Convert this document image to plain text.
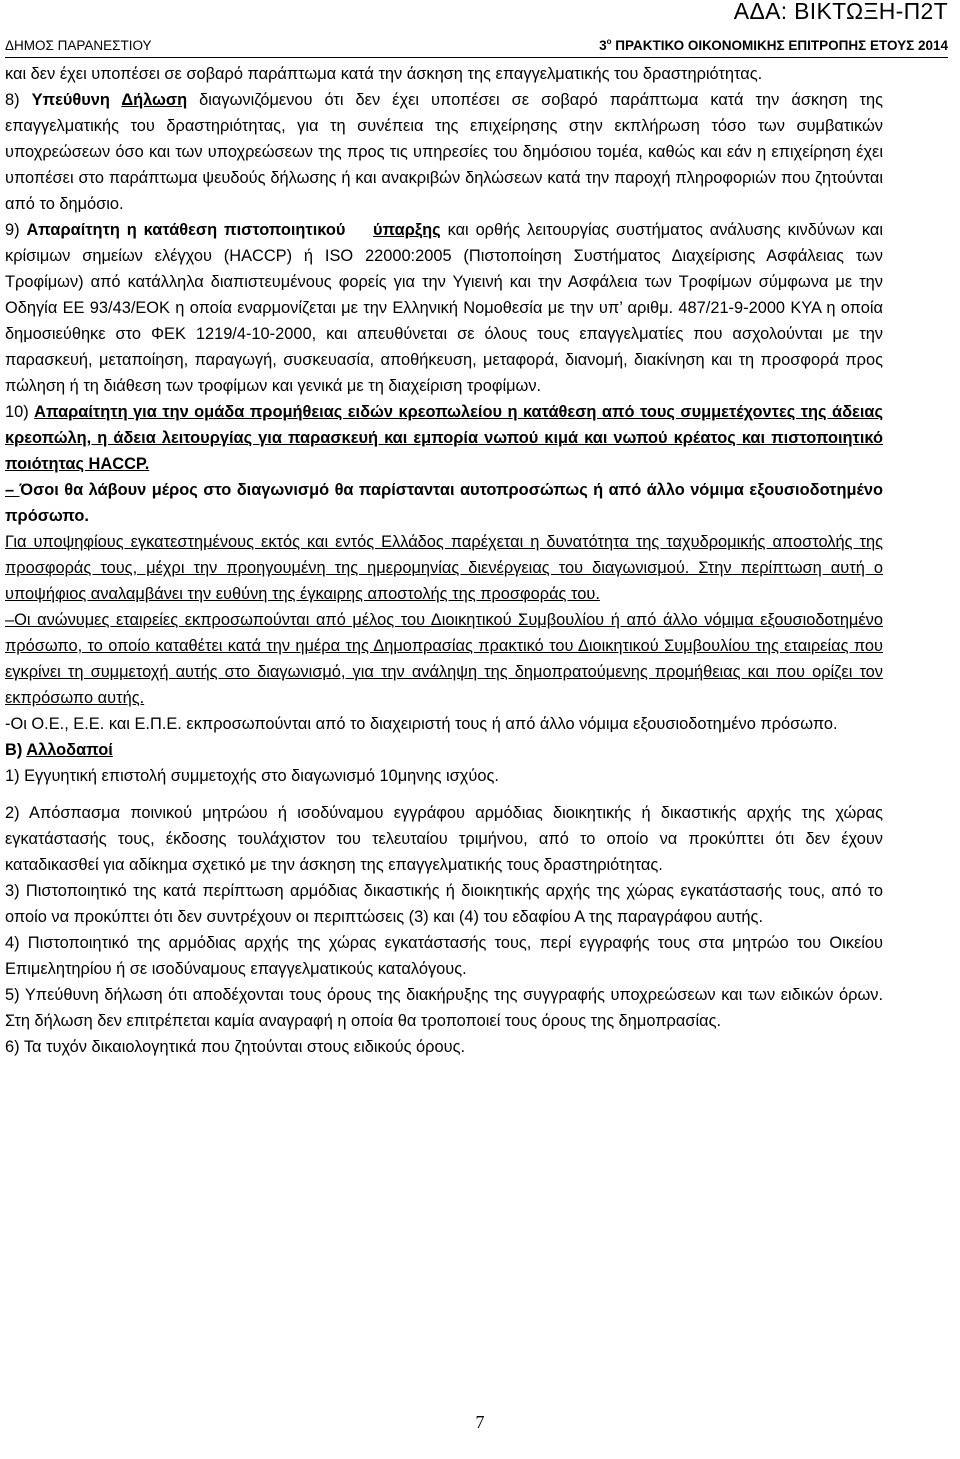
ΑΔΑ: ΒΙΚΤΩΞΗ-Π2Τ
ΔΗΜΟΣ ΠΑΡΑΝΕΣΤΙΟΥ	$3^o$ ΠΡΑΚΤΙΚΟ ΟΙΚΟΝΟΜΙΚΗΣ ΕΠΙΤΡΟΠΗΣ ΕΤΟΥΣ 2014

και δεν έχει υποπέσει σε σοβαρό παράπτωμα κατά την άσκηση της επαγγελματικής του δραστηριότητας.

8) Υπεύθυνη Δήλωση διαγωνιζόμενου ότι δεν έχει υποπέσει σε σοβαρό παράπτωμα κατά την άσκηση της επαγγελματικής του δραστηριότητας, για τη συνέπεια της επιχείρησης στην εκπλήρωση τόσο των συμβατικών υποχρεώσεων όσο και των υποχρεώσεων της προς τις υπηρεσίες του δημόσιου τομέα, καθώς και εάν η επιχείρηση έχει υποπέσει στο παράπτωμα ψευδούς δήλωσης ή και ανακριβών δηλώσεων κατά την παροχή πληροφοριών που ζητούνται από το δημόσιο.

9) Απαραίτητη η κατάθεση πιστοποιητικού ύπαρξης και ορθής λειτουργίας συστήματος ανάλυσης κινδύνων και κρίσιμων σημείων ελέγχου (HACCP) ή ISO 22000:2005 (Πιστοποίηση Συστήματος Διαχείρισης Ασφάλειας των Τροφίμων) από κατάλληλα διαπιστευμένους φορείς για την Υγιεινή και την Ασφάλεια των Τροφίμων σύμφωνα με την Οδηγία ΕΕ 93/43/ΕΟΚ η οποία εναρμονίζεται με την Ελληνική Νομοθεσία με την υπ’ αριθμ. 487/21-9-2000 ΚΥΑ η οποία δημοσιεύθηκε στο ΦΕΚ 1219/4-10-2000, και απευθύνεται σε όλους τους επαγγελματίες που ασχολούνται με την παρασκευή, μεταποίηση, παραγωγή, συσκευασία, αποθήκευση, μεταφορά, διανομή, διακίνηση και τη προσφορά προς πώληση ή τη διάθεση των τροφίμων και γενικά με τη διαχείριση τροφίμων.

10) Απαραίτητη για την ομάδα προμήθειας ειδών κρεοπωλείου η κατάθεση από τους συμμετέχοντες της άδειας κρεοπώλη, η άδεια λειτουργίας για παρασκευή και εμπορία νωπού κιμά και νωπού κρέατος και πιστοποιητικό ποιότητας HACCP.

– Όσοι θα λάβουν μέρος στο διαγωνισμό θα παρίστανται αυτοπροσώπως ή από άλλο νόμιμα εξουσιοδοτημένο πρόσωπο.

Για υποψηφίους εγκατεστημένους εκτός και εντός Ελλάδος παρέχεται η δυνατότητα της ταχυδρομικής αποστολής της προσφοράς τους, μέχρι την προηγουμένη της ημερομηνίας διενέργειας του διαγωνισμού. Στην περίπτωση αυτή ο υποψήφιος αναλαμβάνει την ευθύνη της έγκαιρης αποστολής της προσφοράς του.

–Οι ανώνυμες εταιρείες εκπροσωπούνται από μέλος του Διοικητικού Συμβουλίου ή από άλλο νόμιμα εξουσιοδοτημένο πρόσωπο, το οποίο καταθέτει κατά την ημέρα της Δημοπρασίας πρακτικό του Διοικητικού Συμβουλίου της εταιρείας που εγκρίνει τη συμμετοχή αυτής στο διαγωνισμό, για την ανάληψη της δημοπρατούμενης προμήθειας και που ορίζει τον εκπρόσωπο αυτής.

-Οι Ο.Ε., Ε.Ε. και Ε.Π.Ε. εκπροσωπούνται από το διαχειριστή τους ή από άλλο νόμιμα εξουσιοδοτημένο πρόσωπο.

Β) Αλλοδαποί

1) Εγγυητική επιστολή συμμετοχής στο διαγωνισμό 10μηνης ισχύος.

2) Απόσπασμα ποινικού μητρώου ή ισοδύναμου εγγράφου αρμόδιας διοικητικής ή δικαστικής αρχής της χώρας εγκατάστασής τους, έκδοσης τουλάχιστον του τελευταίου τριμήνου, από το οποίο να προκύπτει ότι δεν έχουν καταδικασθεί για αδίκημα σχετικό με την άσκηση της επαγγελματικής τους δραστηριότητας.

3) Πιστοποιητικό της κατά περίπτωση αρμόδιας δικαστικής ή διοικητικής αρχής της χώρας εγκατάστασής τους, από το οποίο να προκύπτει ότι δεν συντρέχουν οι περιπτώσεις (3) και (4) του εδαφίου Α της παραγράφου αυτής.

4) Πιστοποιητικό της αρμόδιας αρχής της χώρας εγκατάστασής τους, περί εγγραφής τους στα μητρώο του Οικείου Επιμελητηρίου ή σε ισοδύναμους επαγγελματικούς καταλόγους.

5) Υπεύθυνη δήλωση ότι αποδέχονται τους όρους της διακήρυξης της συγγραφής υποχρεώσεων και των ειδικών όρων. Στη δήλωση δεν επιτρέπεται καμία αναγραφή η οποία θα τροποποιεί τους όρους της δημοπρασίας.

6) Τα τυχόν δικαιολογητικά που ζητούνται στους ειδικούς όρους.

7
